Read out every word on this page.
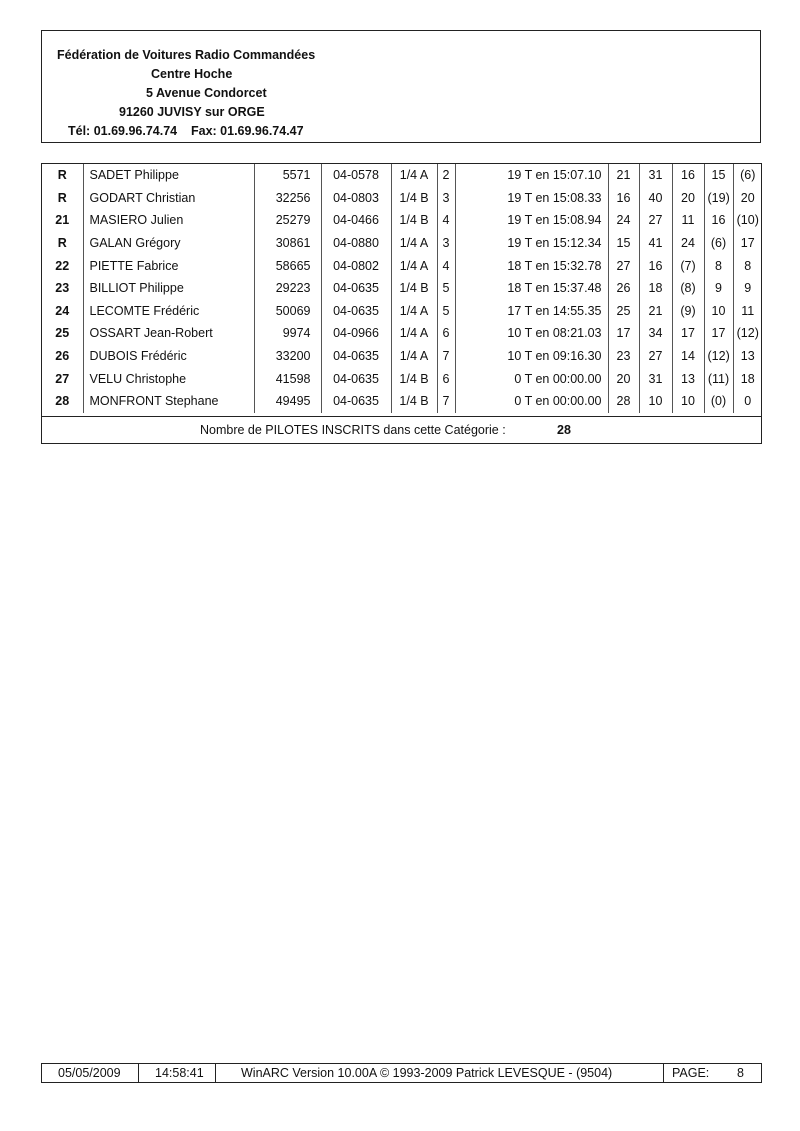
Fédération de Voitures Radio Commandées
Centre Hoche
5 Avenue Condorcet
91260 JUVISY sur ORGE
Tél: 01.69.96.74.74    Fax: 01.69.96.74.47
R	SADET Philippe	5571	04-0578	1/4 A	2	19 T en 15:07.10	21	31	16	15	(6)
R	GODART Christian	32256	04-0803	1/4 B	3	19 T en 15:08.33	16	40	20	(19)	20
21	MASIERO Julien	25279	04-0466	1/4 B	4	19 T en 15:08.94	24	27	11	16	(10)
R	GALAN Grégory	30861	04-0880	1/4 A	3	19 T en 15:12.34	15	41	24	(6)	17
22	PIETTE Fabrice	58665	04-0802	1/4 A	4	18 T en 15:32.78	27	16	(7)	8	8
23	BILLIOT Philippe	29223	04-0635	1/4 B	5	18 T en 15:37.48	26	18	(8)	9	9
24	LECOMTE Frédéric	50069	04-0635	1/4 A	5	17 T en 14:55.35	25	21	(9)	10	11
25	OSSART Jean-Robert	9974	04-0966	1/4 A	6	10 T en 08:21.03	17	34	17	17	(12)
26	DUBOIS Frédéric	33200	04-0635	1/4 A	7	10 T en 09:16.30	23	27	14	(12)	13
27	VELU Christophe	41598	04-0635	1/4 B	6	0 T en 00:00.00	20	31	13	(11)	18
28	MONFRONT Stephane	49495	04-0635	1/4 B	7	0 T en 00:00.00	28	10	10	(0)	0
Nombre de PILOTES INSCRITS dans cette Catégorie :	28
05/05/2009	14:58:41	WinARC Version 10.00A © 1993-2009 Patrick LEVESQUE - (9504)	PAGE: 8
